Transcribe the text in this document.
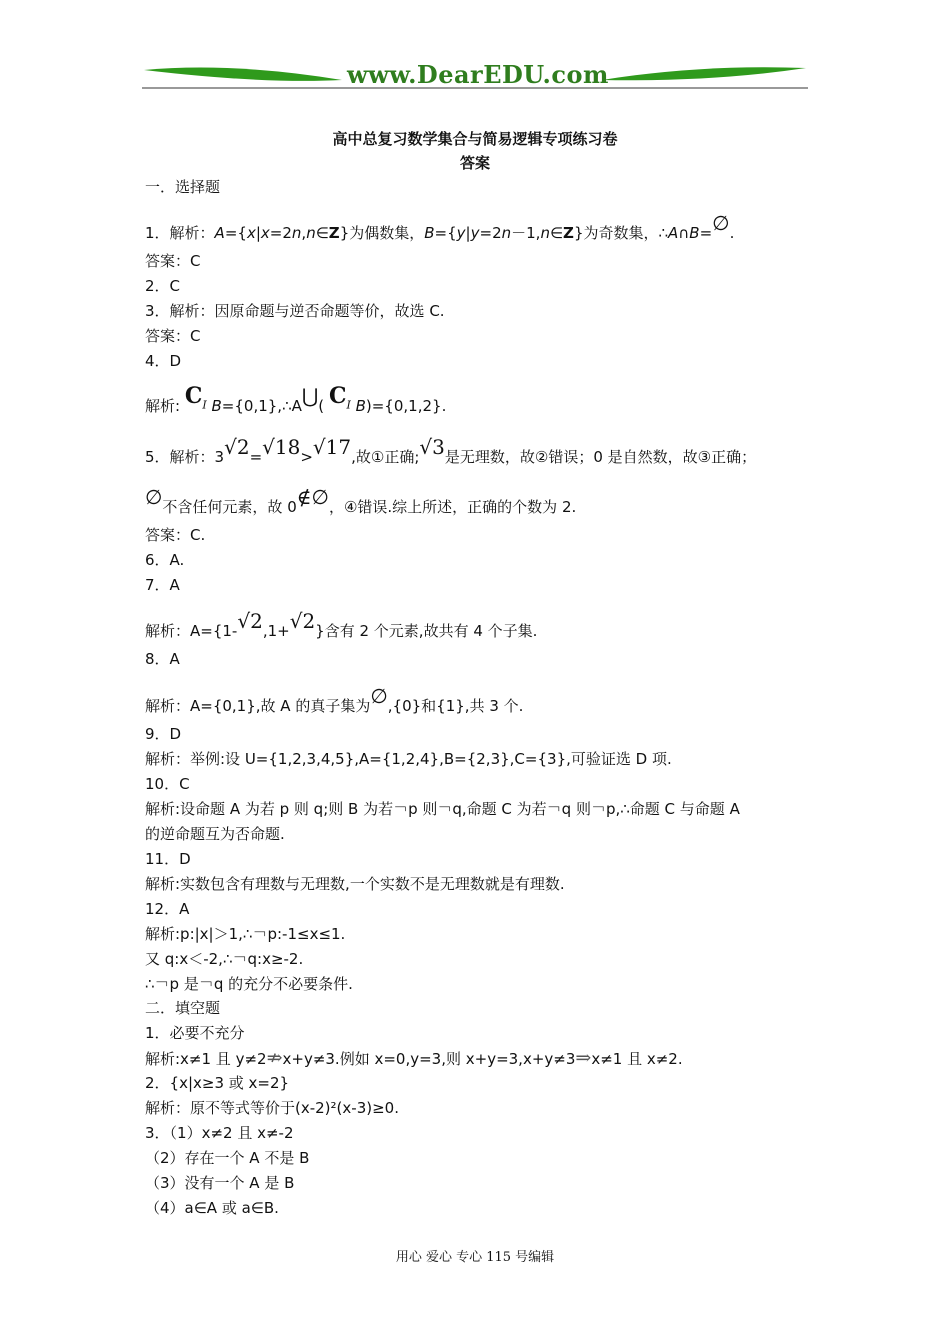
www.DearEDU.com
高中总复习数学集合与简易逻辑专项练习卷
答案
一．选择题
1．解析：A={x|x=2n,n∈Z}为偶数集，B={y|y=2n－1,n∈Z}为奇数集，∴A∩B=∅.
答案：C
2．C
3．解析：因原命题与逆否命题等价，故选 C.
答案：C
4．D
解析: $C_I$ B={0,1},∴A⋃( $C_I$ B)={0,1,2}.
5．解析：3√2=√18>√17,故①正确;√3是无理数，故②错误；0 是自然数，故③正确；
∅不含任何元素，故 0∉∅，④错误.综上所述，正确的个数为 2.
答案：C.
6．A.
7．A
解析：A={1-√2,1+√2}含有 2 个元素,故共有 4 个子集.
8．A
解析：A={0,1},故 A 的真子集为∅,{0}和{1},共 3 个.
9．D
解析：举例:设 U={1,2,3,4,5},A={1,2,4},B={2,3},C={3},可验证选 D 项.
10．C
解析:设命题 A 为若 p 则 q;则 B 为若￢p 则￢q,命题 C 为若￢q 则￢p,∴命题 C 与命题 A
的逆命题互为否命题.
11．D
解析:实数包含有理数与无理数,一个实数不是无理数就是有理数.
12．A
解析:p:|x|＞1,∴￢p:-1≤x≤1.
又 q:x＜-2,∴￢q:x≥-2.
∴￢p 是￢q 的充分不必要条件.
二．填空题
1．必要不充分
解析:x≠1 且 y≠2⇏x+y≠3.例如 x=0,y=3,则 x+y=3,x+y≠3⇒x≠1 且 x≠2.
2．{x|x≥3 或 x=2}
解析：原不等式等价于(x-2)²(x-3)≥0.
3．（1）x≠2 且 x≠-2
（2）存在一个 A 不是 B
（3）没有一个 A 是 B
（4）a∈A 或 a∈B.
用心 爱心 专心 115 号编辑
